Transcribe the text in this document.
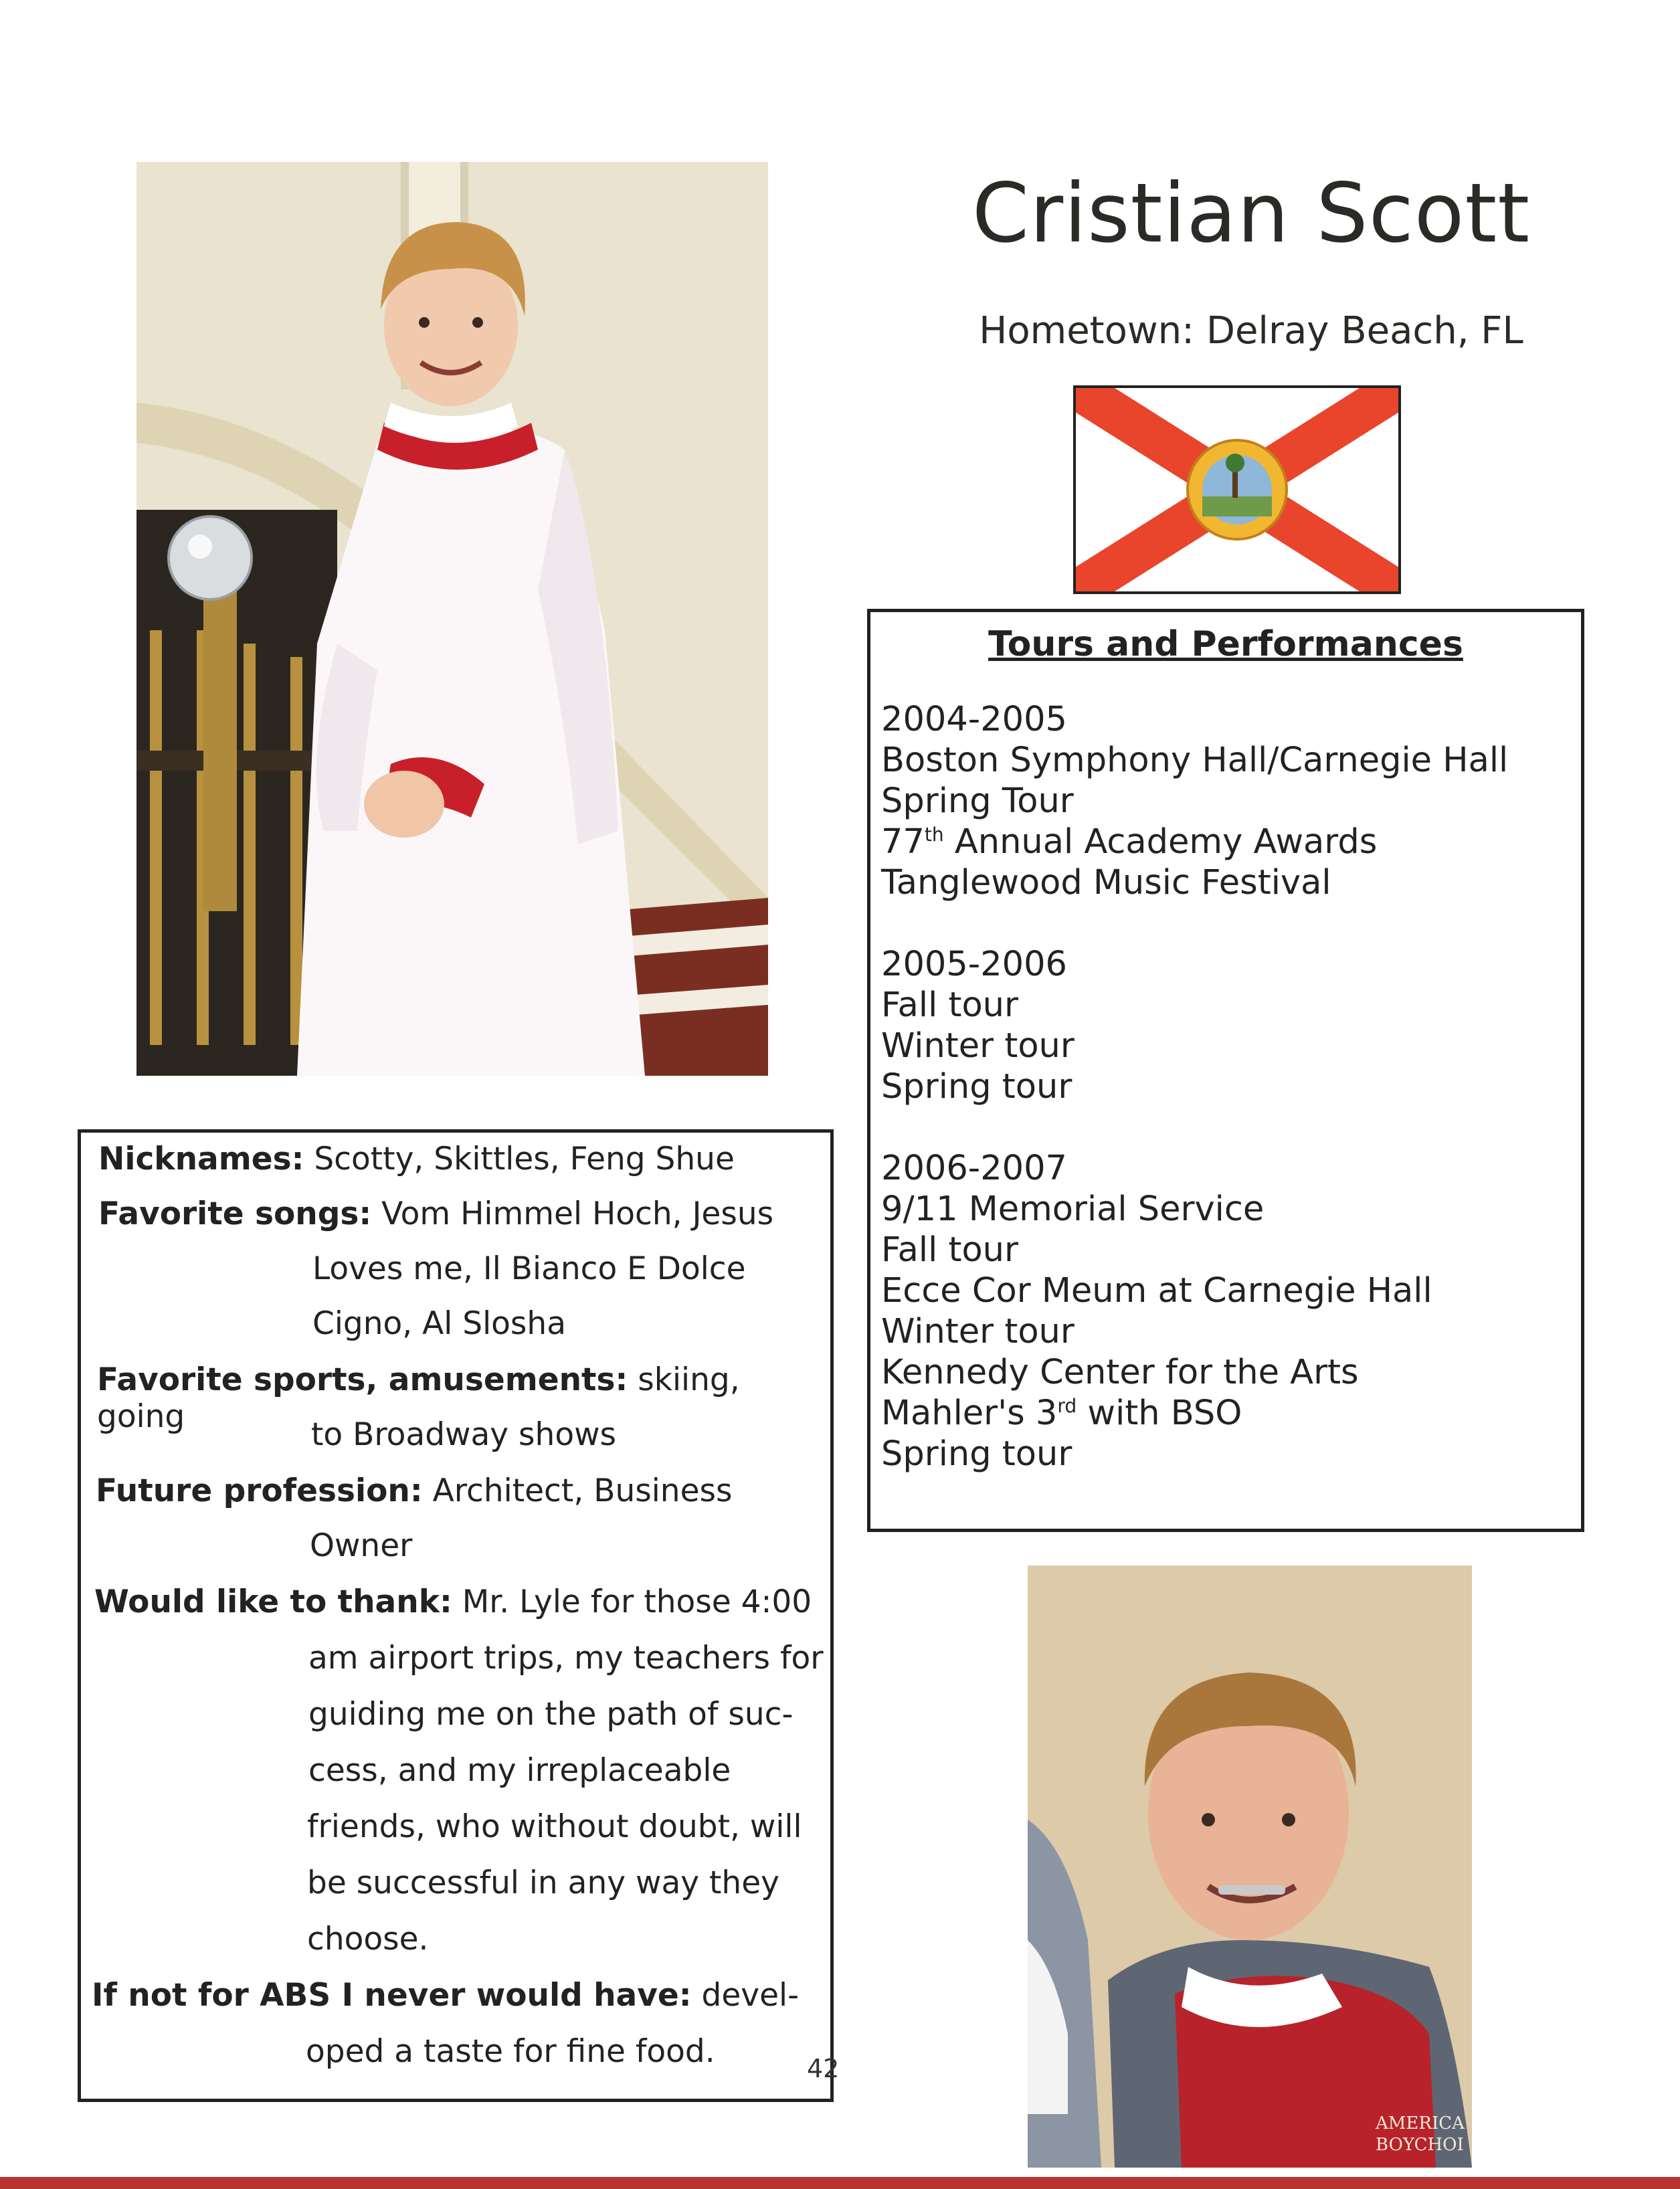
Cristian Scott
Hometown: Delray Beach, FL
Tours and Performances
2004-2005
Boston Symphony Hall/Carnegie Hall
Spring Tour
77th Annual Academy Awards
Tanglewood Music Festival
2005-2006
Fall tour
Winter tour
Spring tour
2006-2007
9/11 Memorial Service
Fall tour
Ecce Cor Meum at Carnegie Hall
Winter tour
Kennedy Center for the Arts
Mahler's 3rd with BSO
Spring tour
Nicknames: Scotty, Skittles, Feng Shue
Favorite songs: Vom Himmel Hoch, Jesus
Loves me, Il Bianco E Dolce
Cigno, Al Slosha
Favorite sports, amusements: skiing, going	to Broadway shows
Future profession: Architect, Business
Owner
Would like to thank: Mr. Lyle for those 4:00
am airport trips, my teachers for
guiding me on the path of suc-
cess, and my irreplaceable
friends, who without doubt, will
be successful in any way they
choose.
If not for ABS I never would have: devel-
oped a taste for fine food.	42
AMERICA
BOYCHOI
